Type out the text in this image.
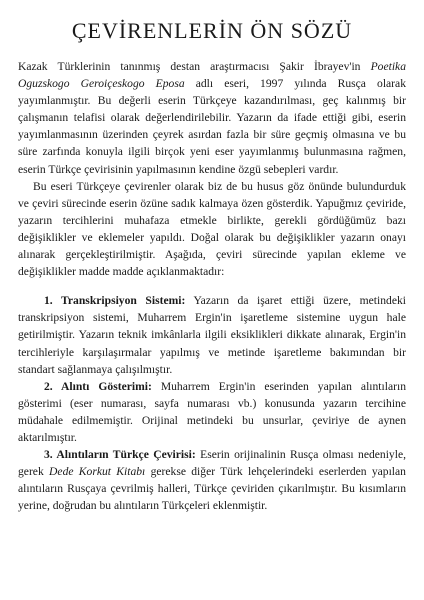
ÇEVİRENLERİN ÖN SÖZÜ

Kazak Türklerinin tanınmış destan araştırmacısı Şakir İbrayev'in Poetika Oguzskogo Geroiçeskogo Eposa adlı eseri, 1997 yılında Rusça olarak yayımlanmıştır. Bu değerli eserin Türkçeye kazandırılması, geç kalınmış bir çalışmanın telafisi olarak değerlendirilebilir. Yazarın da ifade ettiği gibi, eserin yayımlanmasının üzerinden çeyrek asırdan fazla bir süre geçmiş olmasına ve bu süre zarfında konuyla ilgili birçok yeni eser yayımlanmış bulunmasına rağmen, eserin Türkçe çevirisinin yapılmasının kendine özgü sebepleri vardır.

Bu eseri Türkçeye çevirenler olarak biz de bu husus göz önünde bulundurduk ve çeviri sürecinde eserin özüne sadık kalmaya özen gösterdik. Yapuğmız çeviride, yazarın tercihlerini muhafaza etmekle birlikte, gerekli gördüğümüz bazı değişiklikler ve eklemeler yapıldı. Doğal olarak bu değişiklikler yazarın onayı alınarak gerçekleştirilmiştir. Aşağıda, çeviri sürecinde yapılan ekleme ve değişiklikler madde madde açıklanmaktadır:

1. Transkripsiyon Sistemi: Yazarın da işaret ettiği üzere, metindeki transkripsiyon sistemi, Muharrem Ergin'in işaretleme sistemine uygun hale getirilmiştir. Yazarın teknik imkânlarla ilgili eksiklikleri dikkate alınarak, Ergin'in tercihleriyle karşılaşırmalar yapılmış ve metinde işaretleme bakımından bir standart sağlanmaya çalışılmıştır.

2. Alıntı Gösterimi: Muharrem Ergin'in eserinden yapılan alıntıların gösterimi (eser numarası, sayfa numarası vb.) konusunda yazarın tercihine müdahale edilmemiştir. Orijinal metindeki bu unsurlar, çeviriye de aynen aktarılmıştır.

3. Alıntıların Türkçe Çevirisi: Eserin orijinalinin Rusça olması nedeniyle, gerek Dede Korkut Kitabı gerekse diğer Türk lehçelerindeki eserlerden yapılan alıntıların Rusçaya çevrilmiş halleri, Türkçe çeviriden çıkarılmıştır. Bu kısımların yerine, doğrudan bu alıntıların Türkçeleri eklenmiştir.
